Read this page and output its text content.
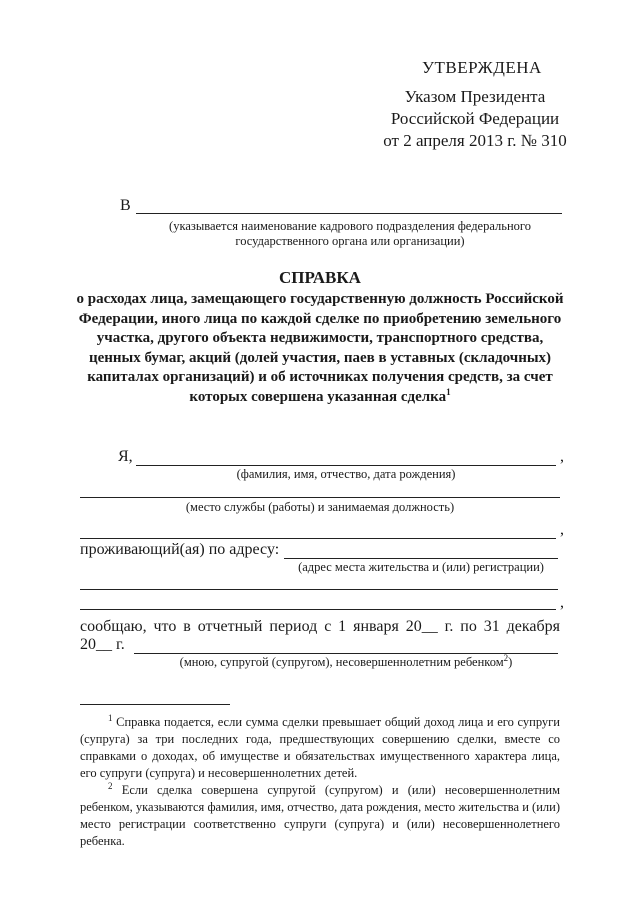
УТВЕРЖДЕНА
Указом Президента
Российской Федерации
от 2 апреля 2013 г. № 310
В
(указывается наименование кадрового подразделения федерального
государственного органа или организации)
СПРАВКА
о расходах лица, замещающего государственную должность Российской Федерации, иного лица по каждой сделке по приобретению земельного участка, другого объекта недвижимости, транспортного средства, ценных бумаг, акций (долей участия, паев в уставных (складочных) капиталах организаций) и об источниках получения средств, за счет которых совершена указанная сделка$^1$
Я,	,
(фамилия, имя, отчество, дата рождения)
(место службы (работы) и занимаемая должность)
,
проживающий(ая) по адресу:
(адрес места жительства и (или) регистрации)
,
сообщаю, что в отчетный период с 1 января 20__ г. по 31 декабря
20__ г.
(мною, супругой (супругом), несовершеннолетним ребенком$^2$)
$^1$ Справка подается, если сумма сделки превышает общий доход лица и его супруги (супруга) за три последних года, предшествующих совершению сделки, вместе со справками о доходах, об имуществе и обязательствах имущественного характера лица, его супруги (супруга) и несовершеннолетних детей.
$^2$ Если сделка совершена супругой (супругом) и (или) несовершеннолетним ребенком, указываются фамилия, имя, отчество, дата рождения, место жительства и (или) место регистрации соответственно супруги (супруга) и (или) несовершеннолетнего ребенка.
